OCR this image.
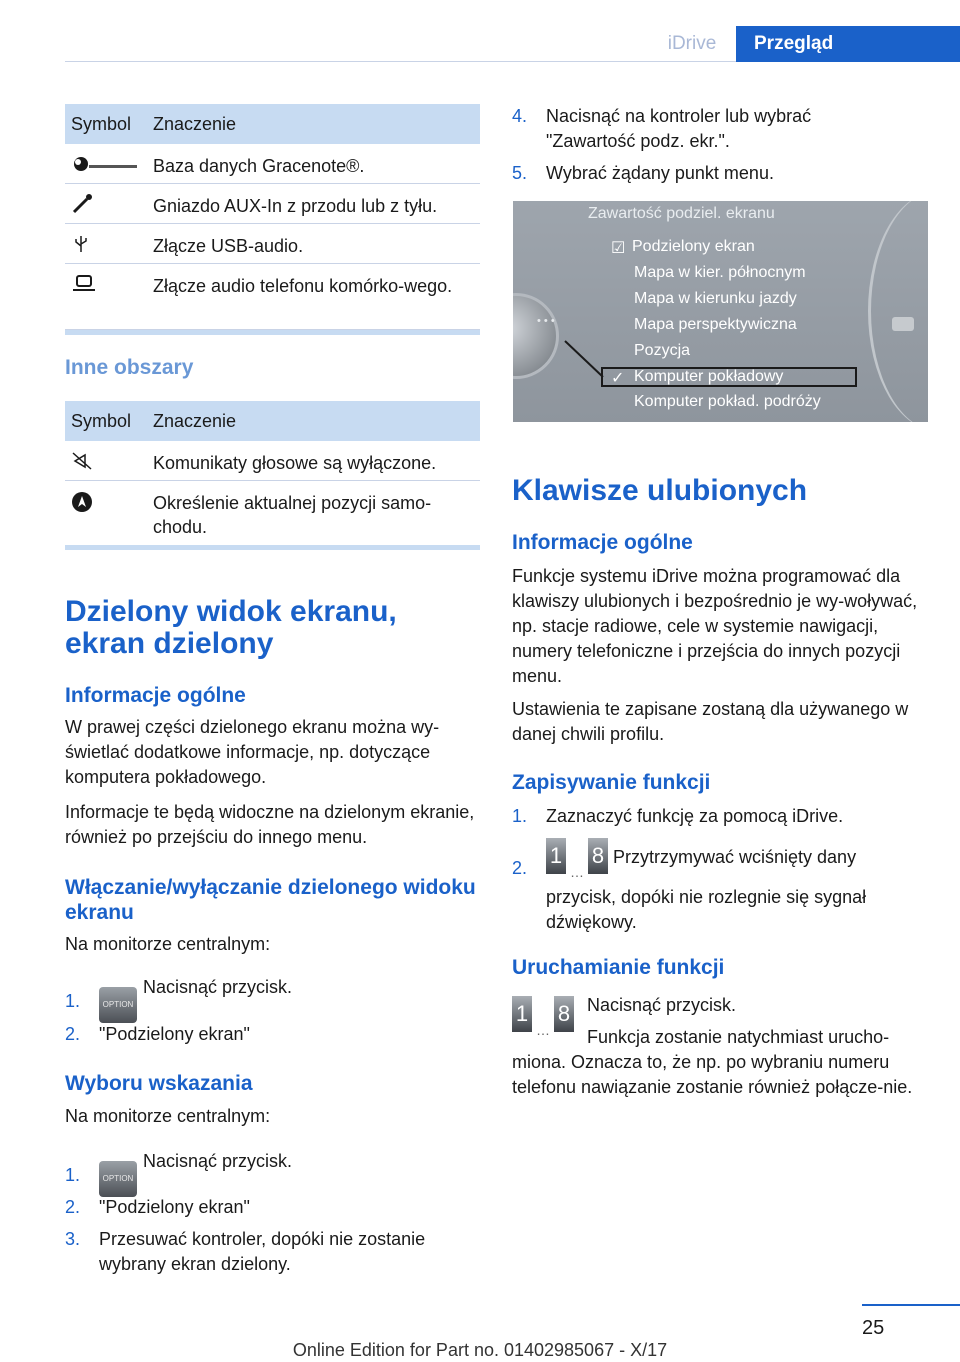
iDrive	Przegląd
Symbol Znaczenie
Baza danych Gracenote®.
Gniazdo AUX-In z przodu lub z tyłu.
Złącze USB-audio.
Złącze audio telefonu komórko-wego.
Inne obszary
Symbol Znaczenie
Komunikaty głosowe są wyłączone.
Określenie aktualnej pozycji samo-chodu.
Dzielony widok ekranu,
ekran dzielony
Informacje ogólne
W prawej części dzielonego ekranu można wy-świetlać dodatkowe informacje, np. dotyczące komputera pokładowego.
Informacje te będą widoczne na dzielonym ekranie, również po przejściu do innego menu.
Włączanie/wyłączanie dzielonego widoku ekranu
Na monitorze centralnym:
1.	OPTIONNacisnąć przycisk.
2. "Podzielony ekran"
Wyboru wskazania
Na monitorze centralnym:
1.	OPTIONNacisnąć przycisk.
2. "Podzielony ekran"
3. Przesuwać kontroler, dopóki nie zostanie wybrany ekran dzielony.
4. Nacisnąć na kontroler lub wybrać "Zawartość podz. ekr.".
5. Wybrać żądany punkt menu.
• • •
Zawartość podziel. ekranu
☑ Podzielony ekran
Mapa w kier. północnym
Mapa w kierunku jazdy
Mapa perspektywiczna
Pozycja
✓ Komputer pokładowy
Komputer pokład. podróży
Klawisze ulubionych
Informacje ogólne
Funkcje systemu iDrive można programować dla klawiszy ulubionych i bezpośrednio je wy-woływać, np. stacje radiowe, cele w systemie nawigacji, numery telefoniczne i przejścia do innych pozycji menu.
Ustawienia te zapisane zostaną dla używanego w danej chwili profilu.
Zapisywanie funkcji
1. Zaznaczyć funkcję za pomocą iDrive.
2. 1…8 Przytrzymywać wciśnięty dany przycisk, dopóki nie rozlegnie się sygnał dźwiękowy.
Uruchamianie funkcji
1…8 Nacisnąć przycisk.
Funkcja zostanie natychmiast urucho-
miona. Oznacza to, że np. po wybraniu numeru telefonu nawiązanie zostanie również połącze-nie.
25
Online Edition for Part no. 01402985067 - X/17
